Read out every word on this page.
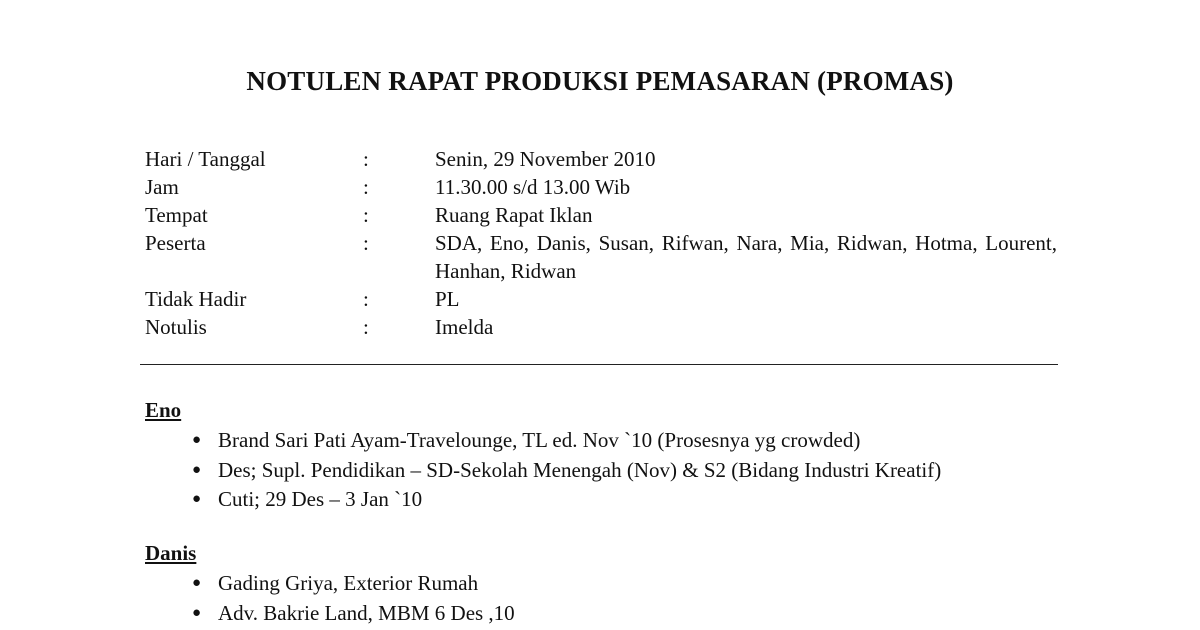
NOTULEN RAPAT PRODUKSI PEMASARAN (PROMAS)
Hari / Tanggal	:	Senin, 29 November 2010
Jam	:	11.30.00 s/d 13.00 Wib
Tempat	:	Ruang Rapat Iklan
Peserta	:	SDA, Eno, Danis, Susan, Rifwan, Nara, Mia, Ridwan, Hotma, Lourent, Hanhan, Ridwan
Tidak Hadir	:	PL
Notulis	:	Imelda
Eno
● Brand Sari Pati Ayam-Travelounge, TL ed. Nov `10 (Prosesnya yg crowded)
● Des; Supl. Pendidikan – SD-Sekolah Menengah (Nov) & S2 (Bidang Industri Kreatif)
● Cuti; 29 Des – 3 Jan `10
Danis
● Gading Griya, Exterior Rumah
● Adv. Bakrie Land, MBM 6 Des ,10
